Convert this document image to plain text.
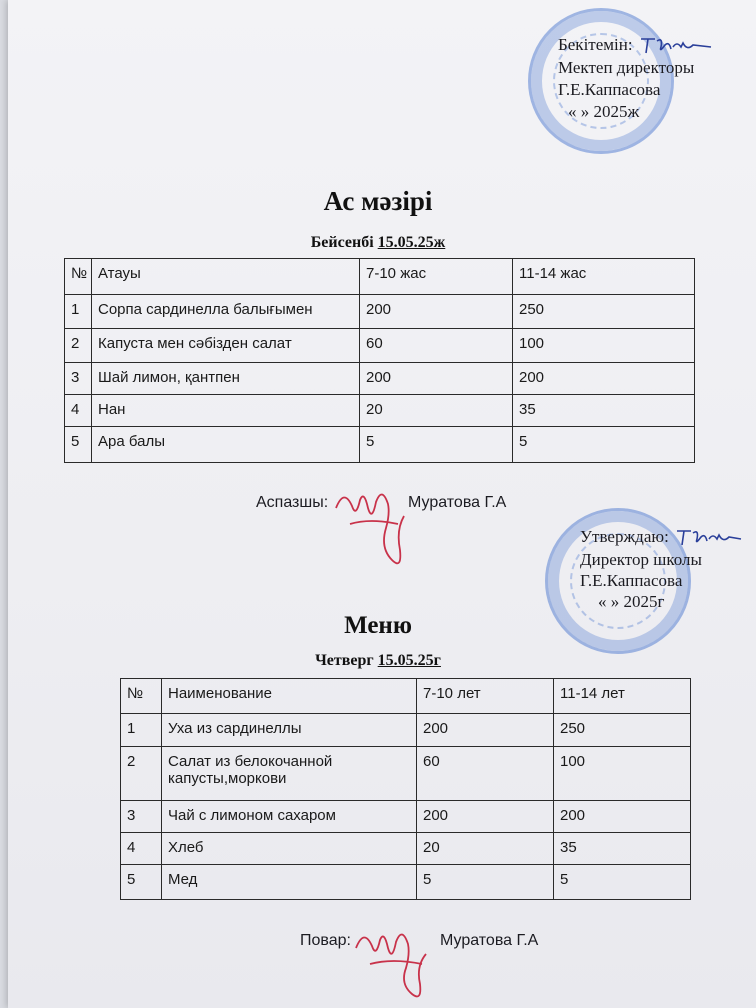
Бекітемін:
Мектеп директоры
Г.Е.Каппасова
« » 2025ж
Ас мәзірі
Бейсенбі 15.05.25ж
№	Атауы	7-10 жас	11-14 жас
1	Сорпа сардинелла балығымен	200	250
2	Капуста мен сәбізден салат	60	100
3	Шай лимон, қантпен	200	200
4	Нан	20	35
5	Ара балы	5	5
Аспазшы:	Муратова Г.А
Утверждаю:
Директор школы
Г.Е.Каппасова
« » 2025г
Меню
Четверг 15.05.25г
№	Наименование	7-10 лет	11-14 лет
1	Уха из сардинеллы	200	250
2	Салат из белокочанной капусты,моркови	60	100
3	Чай с лимоном сахаром	200	200
4	Хлеб	20	35
5	Мед	5	5
Повар:	Муратова Г.А
